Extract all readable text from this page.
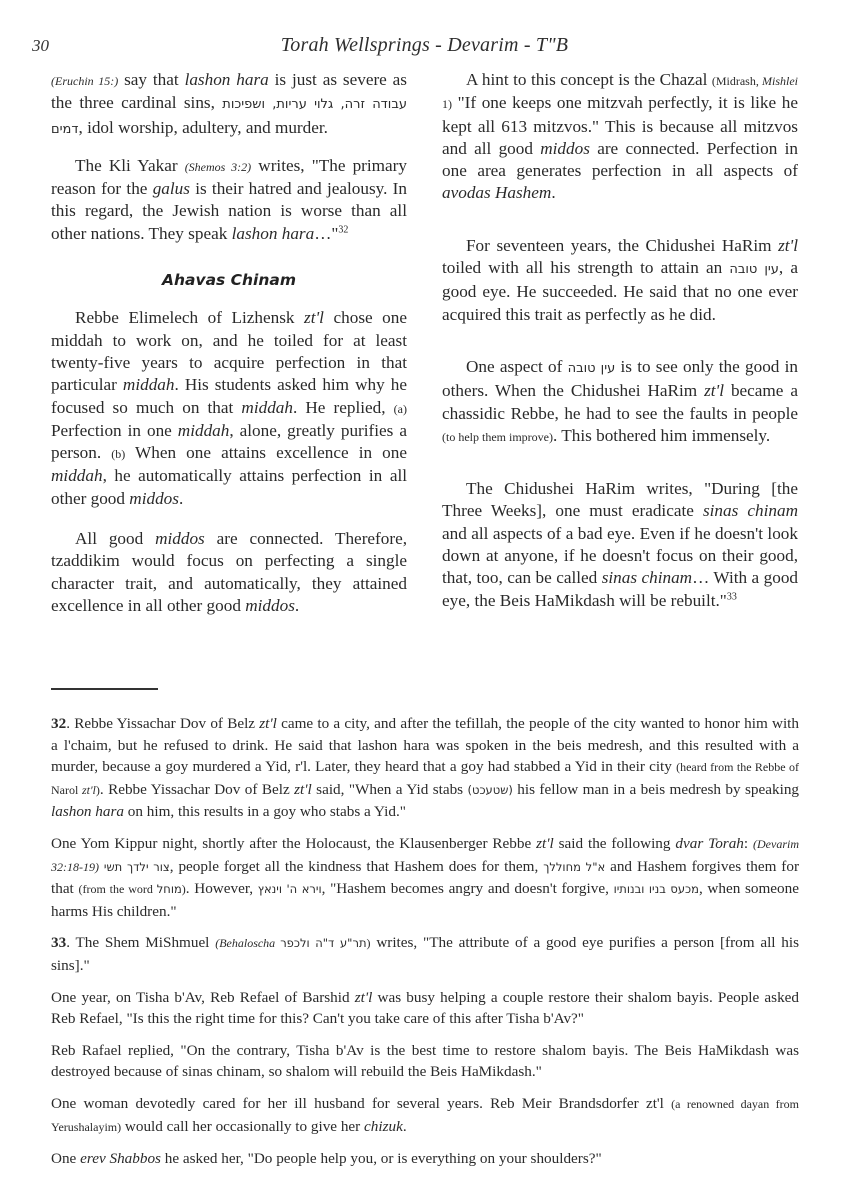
30	Torah Wellsprings - Devarim - T"B

(Eruchin 15:) say that lashon hara is just as severe as the three cardinal sins, עבודה זרה, גלוי עריות, ושפיכות דמים, idol worship, adultery, and murder.

The Kli Yakar (Shemos 3:2) writes, "The primary reason for the galus is their hatred and jealousy. In this regard, the Jewish nation is worse than all other nations. They speak lashon hara…"$^{32}$

Ahavas Chinam

Rebbe Elimelech of Lizhensk zt'l chose one middah to work on, and he toiled for at least twenty-five years to acquire perfection in that particular middah. His students asked him why he focused so much on that middah. He replied, (a) Perfection in one middah, alone, greatly purifies a person. (b) When one attains excellence in one middah, he automatically attains perfection in all other good middos.

All good middos are connected. Therefore, tzaddikim would focus on perfecting a single character trait, and automatically, they attained excellence in all other good middos.

A hint to this concept is the Chazal (Midrash, Mishlei 1) "If one keeps one mitzvah perfectly, it is like he kept all 613 mitzvos." This is because all mitzvos and all good middos are connected. Perfection in one area generates perfection in all aspects of avodas Hashem.

For seventeen years, the Chidushei HaRim zt'l toiled with all his strength to attain an עין טובה, a good eye. He succeeded. He said that no one ever acquired this trait as perfectly as he did.

One aspect of עין טובה is to see only the good in others. When the Chidushei HaRim zt'l became a chassidic Rebbe, he had to see the faults in people (to help them improve). This bothered him immensely.

The Chidushei HaRim writes, "During [the Three Weeks], one must eradicate sinas chinam and all aspects of a bad eye. Even if he doesn't look down at anyone, if he doesn't focus on their good, that, too, can be called sinas chinam… With a good eye, the Beis HaMikdash will be rebuilt."$^{33}$

32. Rebbe Yissachar Dov of Belz zt'l came to a city, and after the tefillah, the people of the city wanted to honor him with a l'chaim, but he refused to drink. He said that lashon hara was spoken in the beis medresh, and this resulted with a murder, because a goy murdered a Yid, r'l. Later, they heard that a goy had stabbed a Yid in their city (heard from the Rebbe of Narol zt'l). Rebbe Yissachar Dov of Belz zt'l said, "When a Yid stabs (שטעכט) his fellow man in a beis medresh by speaking lashon hara on him, this results in a goy who stabs a Yid."

One Yom Kippur night, shortly after the Holocaust, the Klausenberger Rebbe zt'l said the following dvar Torah: (Devarim 32:18-19) צור ילדך תשי, people forget all the kindness that Hashem does for them, א"ל מחוללך and Hashem forgives them for that (from the word מוחל). However, וירא ה' וינאץ, "Hashem becomes angry and doesn't forgive, מכעס בניו ובנותיו, when someone harms His children."

33. The Shem MiShmuel (Behaloscha תר"ע ד"ה ולכפר) writes, "The attribute of a good eye purifies a person [from all his sins]."

One year, on Tisha b'Av, Reb Refael of Barshid zt'l was busy helping a couple restore their shalom bayis. People asked Reb Refael, "Is this the right time for this? Can't you take care of this after Tisha b'Av?"

Reb Rafael replied, "On the contrary, Tisha b'Av is the best time to restore shalom bayis. The Beis HaMikdash was destroyed because of sinas chinam, so shalom will rebuild the Beis HaMikdash."

One woman devotedly cared for her ill husband for several years. Reb Meir Brandsdorfer zt'l (a renowned dayan from Yerushalayim) would call her occasionally to give her chizuk.

One erev Shabbos he asked her, "Do people help you, or is everything on your shoulders?"
